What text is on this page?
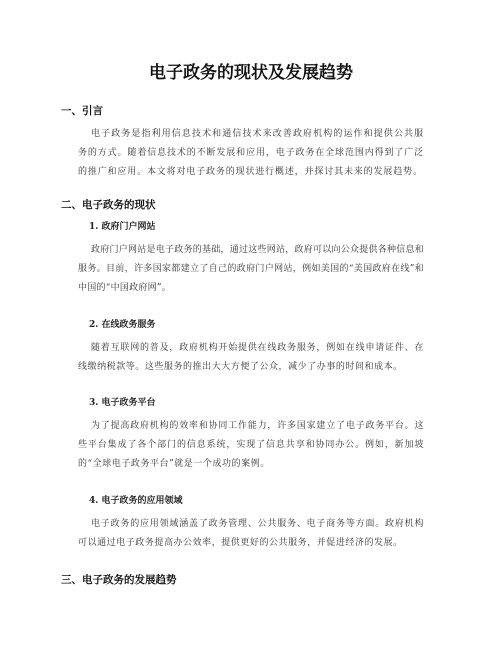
电子政务的现状及发展趋势
一、引言

电子政务是指利用信息技术和通信技术来改善政府机构的运作和提供公共服务的方式。随着信息技术的不断发展和应用，电子政务在全球范围内得到了广泛的推广和应用。本文将对电子政务的现状进行概述，并探讨其未来的发展趋势。

二、电子政务的现状
1. 政府门户网站

政府门户网站是电子政务的基础，通过这些网站，政府可以向公众提供各种信息和服务。目前，许多国家都建立了自己的政府门户网站，例如美国的“美国政府在线”和中国的“中国政府网”。

2. 在线政务服务

随着互联网的普及，政府机构开始提供在线政务服务，例如在线申请证件、在线缴纳税款等。这些服务的推出大大方便了公众，减少了办事的时间和成本。

3. 电子政务平台

为了提高政府机构的效率和协同工作能力，许多国家建立了电子政务平台。这些平台集成了各个部门的信息系统，实现了信息共享和协同办公。例如，新加坡的“全球电子政务平台”就是一个成功的案例。

4. 电子政务的应用领域

电子政务的应用领域涵盖了政务管理、公共服务、电子商务等方面。政府机构可以通过电子政务提高办公效率，提供更好的公共服务，并促进经济的发展。

三、电子政务的发展趋势
